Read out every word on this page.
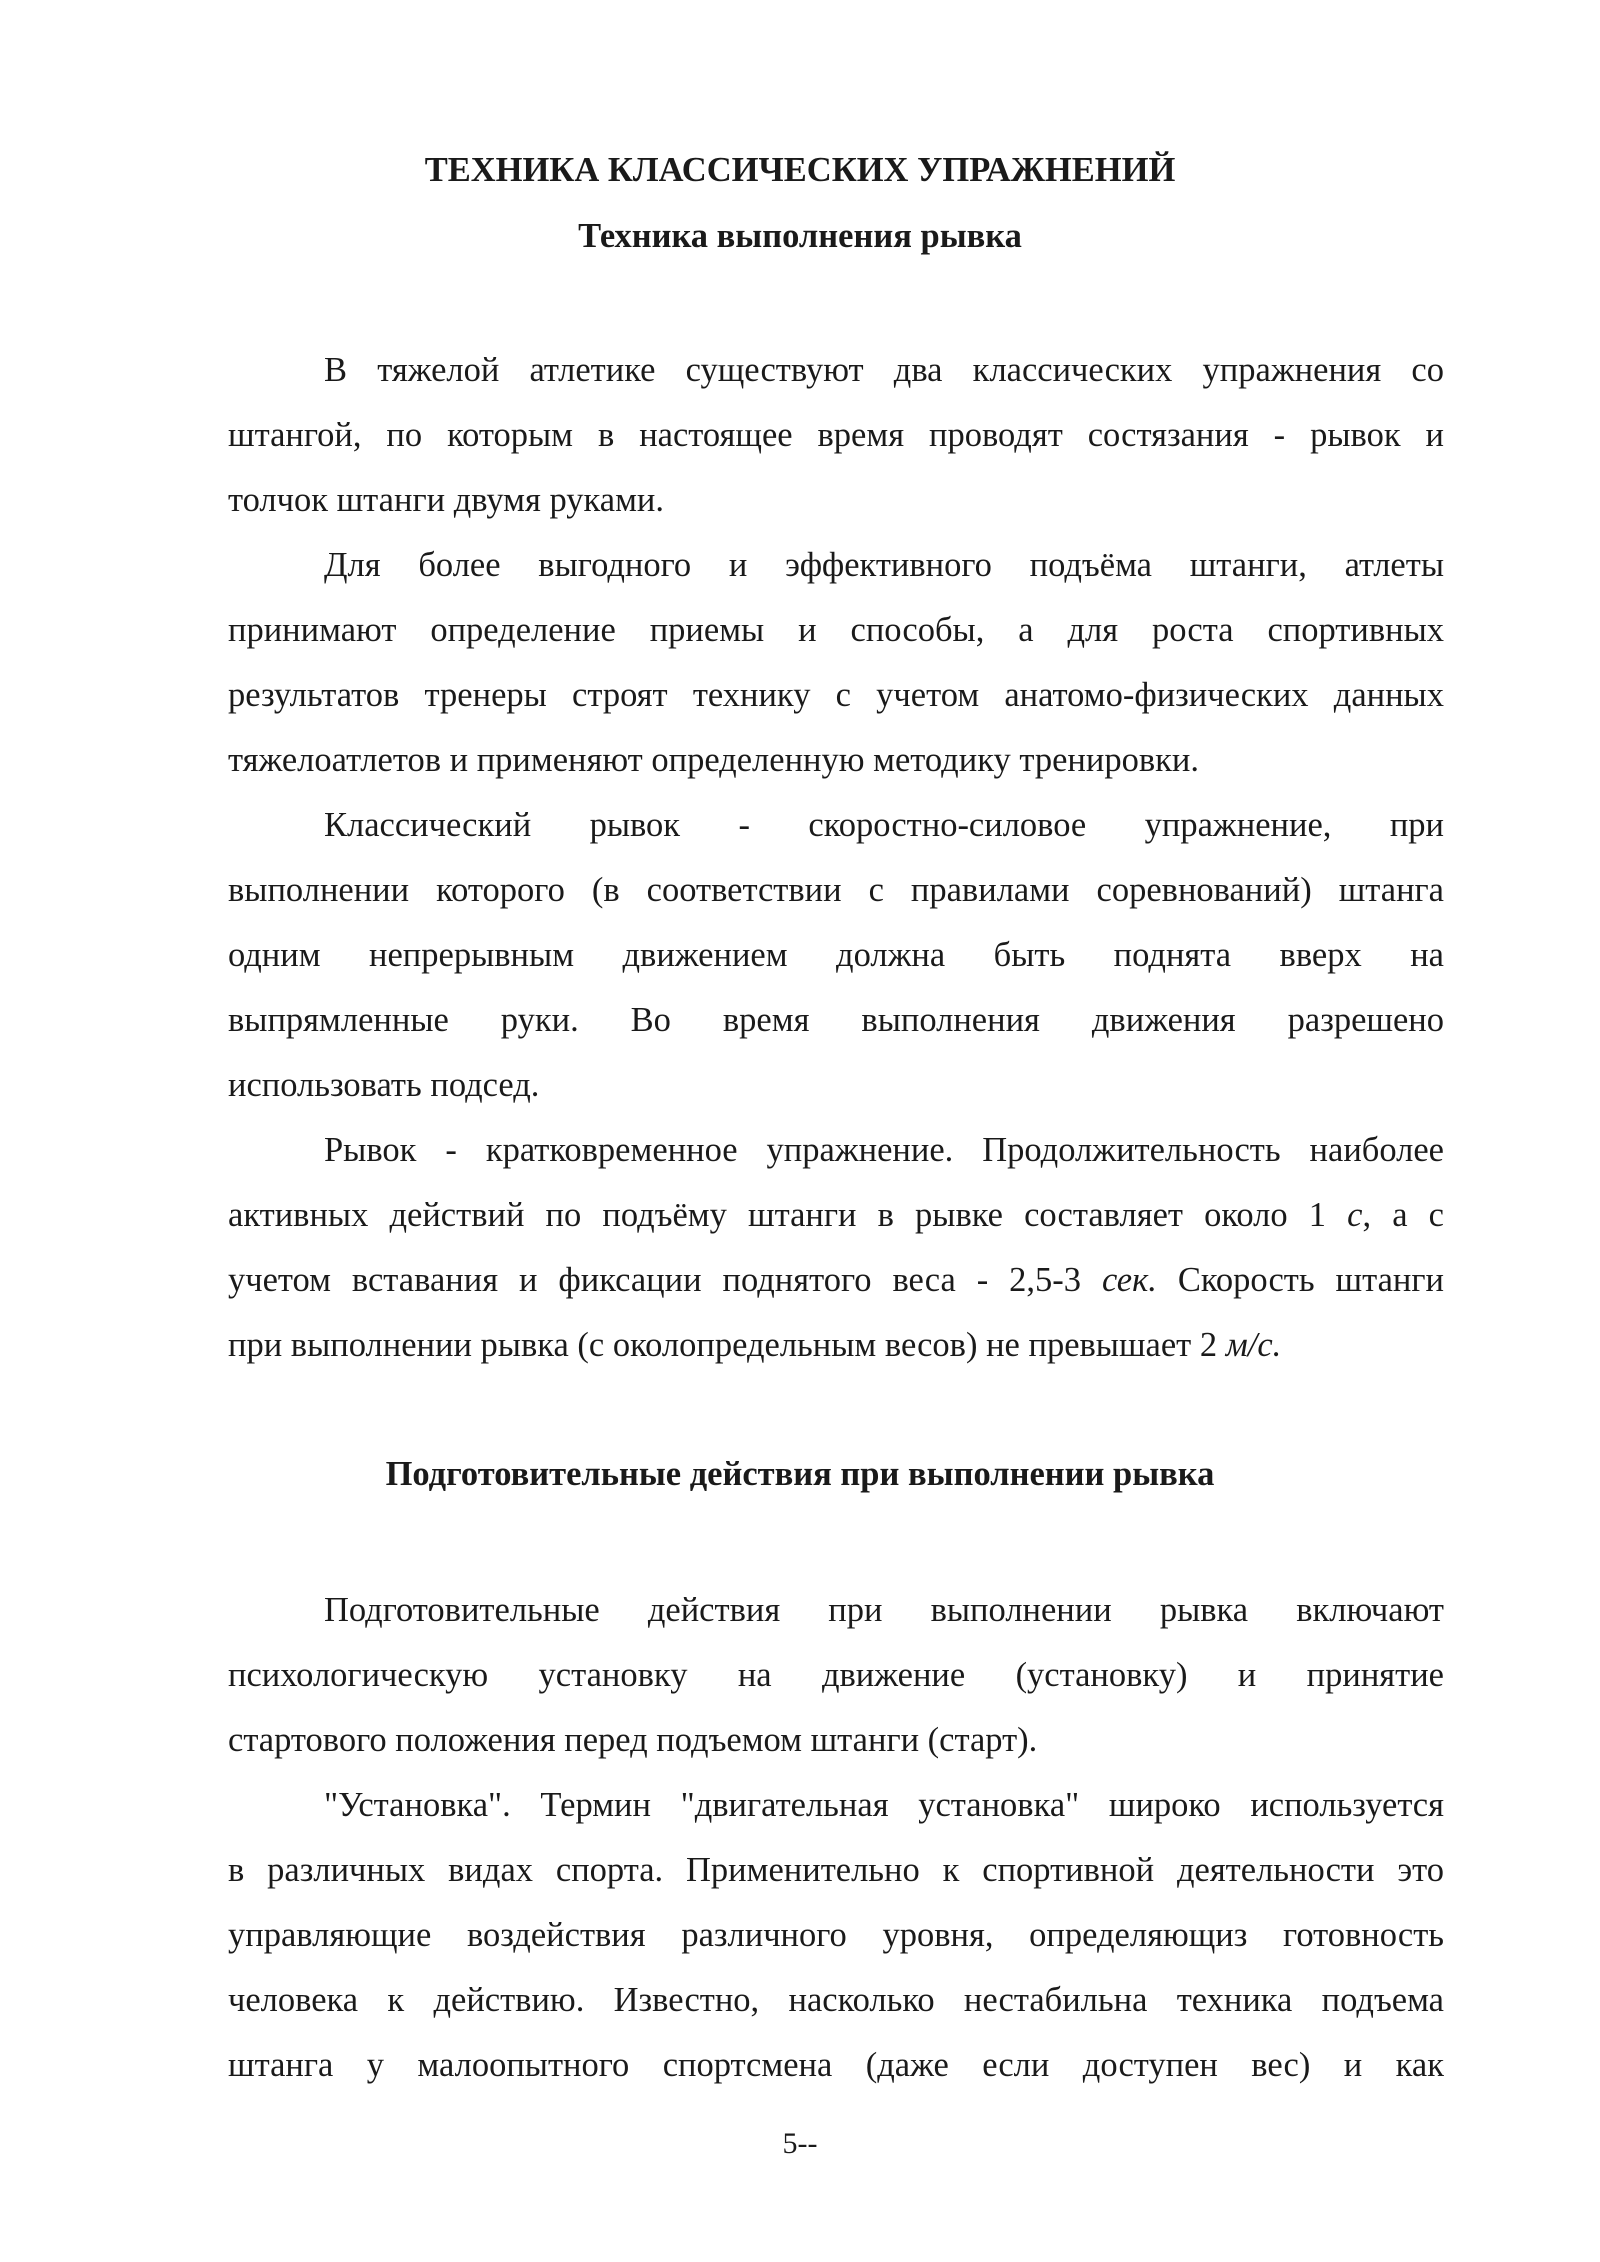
ТЕХНИКА КЛАССИЧЕСКИХ УПРАЖНЕНИЙ
Техника выполнения рывка
В тяжелой атлетике существуют два классических упражнения со
штангой, по которым в настоящее время проводят состязания - рывок и
толчок штанги двумя руками.
Для более выгодного и эффективного подъёма штанги, атлеты
принимают определение приемы и способы, а для роста спортивных
результатов тренеры строят технику с учетом анатомо-физических данных
тяжелоатлетов и применяют определенную методику тренировки.
Классический рывок - скоростно-силовое упражнение, при
выполнении которого (в соответствии с правилами соревнований) штанга
одним непрерывным движением должна быть поднята вверх на
выпрямленные руки. Во время выполнения движения разрешено
использовать подсед.
Рывок - кратковременное упражнение. Продолжительность наиболее
активных действий по подъёму штанги в рывке составляет около 1 с, а с
учетом вставания и фиксации поднятого веса - 2,5-3 сек. Скорость штанги
при выполнении рывка (с околопредельным весов) не превышает 2 м/с.
Подготовительные действия при выполнении рывка
Подготовительные действия при выполнении рывка включают
психологическую установку на движение (установку) и принятие
стартового положения перед подъемом штанги (старт).
"Установка". Термин "двигательная установка" широко используется
в различных видах спорта. Применительно к спортивной деятельности это
управляющие воздействия различного уровня, определяющиз готовность
человека к действию. Известно, насколько нестабильна техника подъема
штанга у малоопытного спортсмена (даже если доступен вес) и как
5--
